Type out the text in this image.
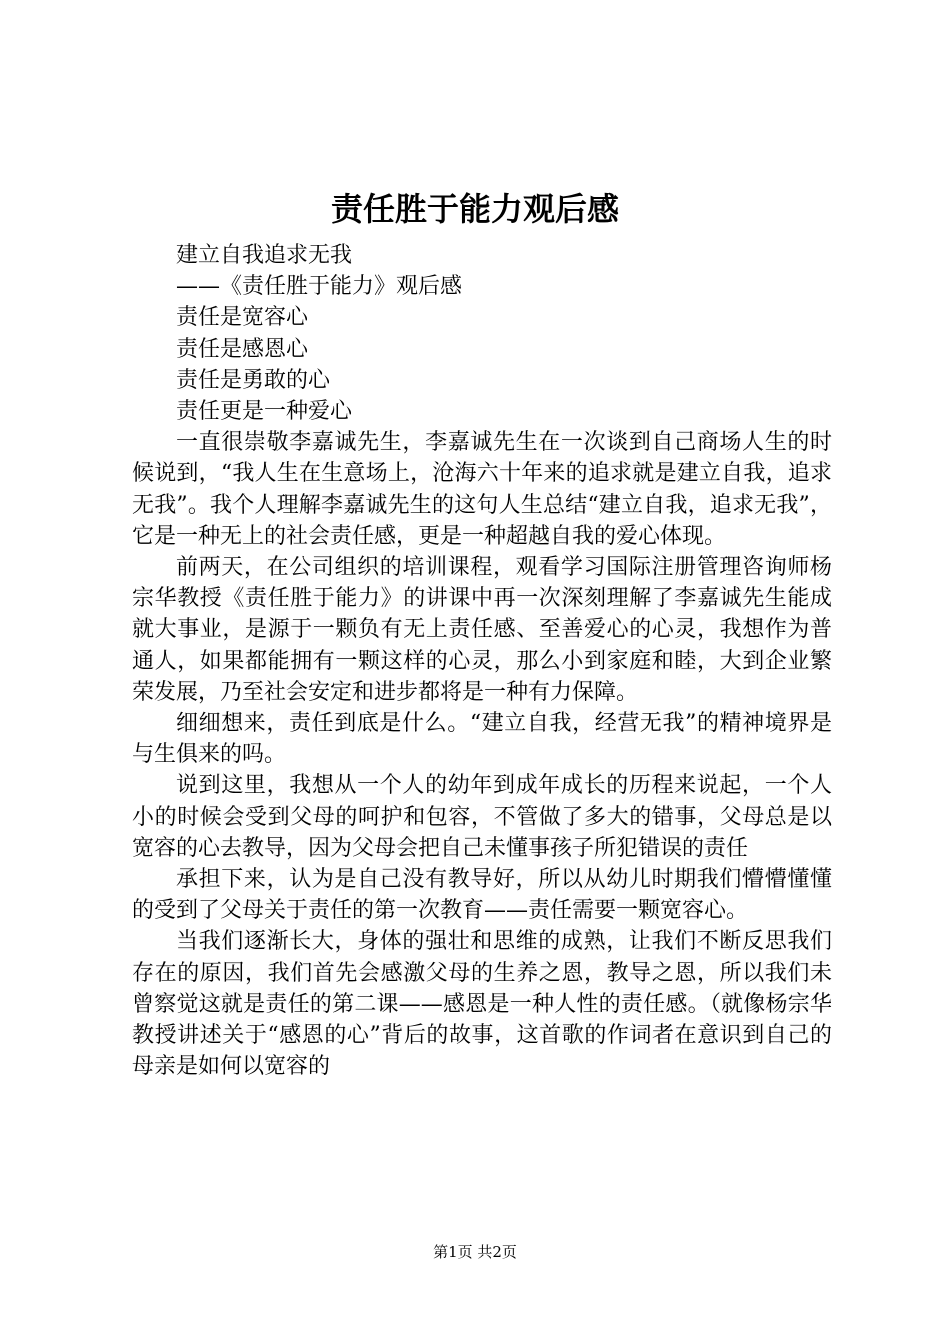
责任胜于能力观后感

建立自我追求无我

——《责任胜于能力》观后感

责任是宽容心

责任是感恩心

责任是勇敢的心

责任更是一种爱心

一直很崇敬李嘉诚先生，李嘉诚先生在一次谈到自己商场人生的时候说到，“我人生在生意场上，沧海六十年来的追求就是建立自我，追求无我”。我个人理解李嘉诚先生的这句人生总结“建立自我，追求无我”，它是一种无上的社会责任感，更是一种超越自我的爱心体现。

前两天，在公司组织的培训课程，观看学习国际注册管理咨询师杨宗华教授《责任胜于能力》的讲课中再一次深刻理解了李嘉诚先生能成就大事业，是源于一颗负有无上责任感、至善爱心的心灵，我想作为普通人，如果都能拥有一颗这样的心灵，那么小到家庭和睦，大到企业繁荣发展，乃至社会安定和进步都将是一种有力保障。

细细想来，责任到底是什么。“建立自我，经营无我”的精神境界是与生俱来的吗。

说到这里，我想从一个人的幼年到成年成长的历程来说起，一个人小的时候会受到父母的呵护和包容，不管做了多大的错事，父母总是以宽容的心去教导，因为父母会把自己未懂事孩子所犯错误的责任

承担下来，认为是自己没有教导好，所以从幼儿时期我们懵懵懂懂的受到了父母关于责任的第一次教育——责任需要一颗宽容心。

当我们逐渐长大，身体的强壮和思维的成熟，让我们不断反思我们存在的原因，我们首先会感激父母的生养之恩，教导之恩，所以我们未曾察觉这就是责任的第二课——感恩是一种人性的责任感。（就像杨宗华教授讲述关于“感恩的心”背后的故事，这首歌的作词者在意识到自己的母亲是如何以宽容的

第1页 共2页
